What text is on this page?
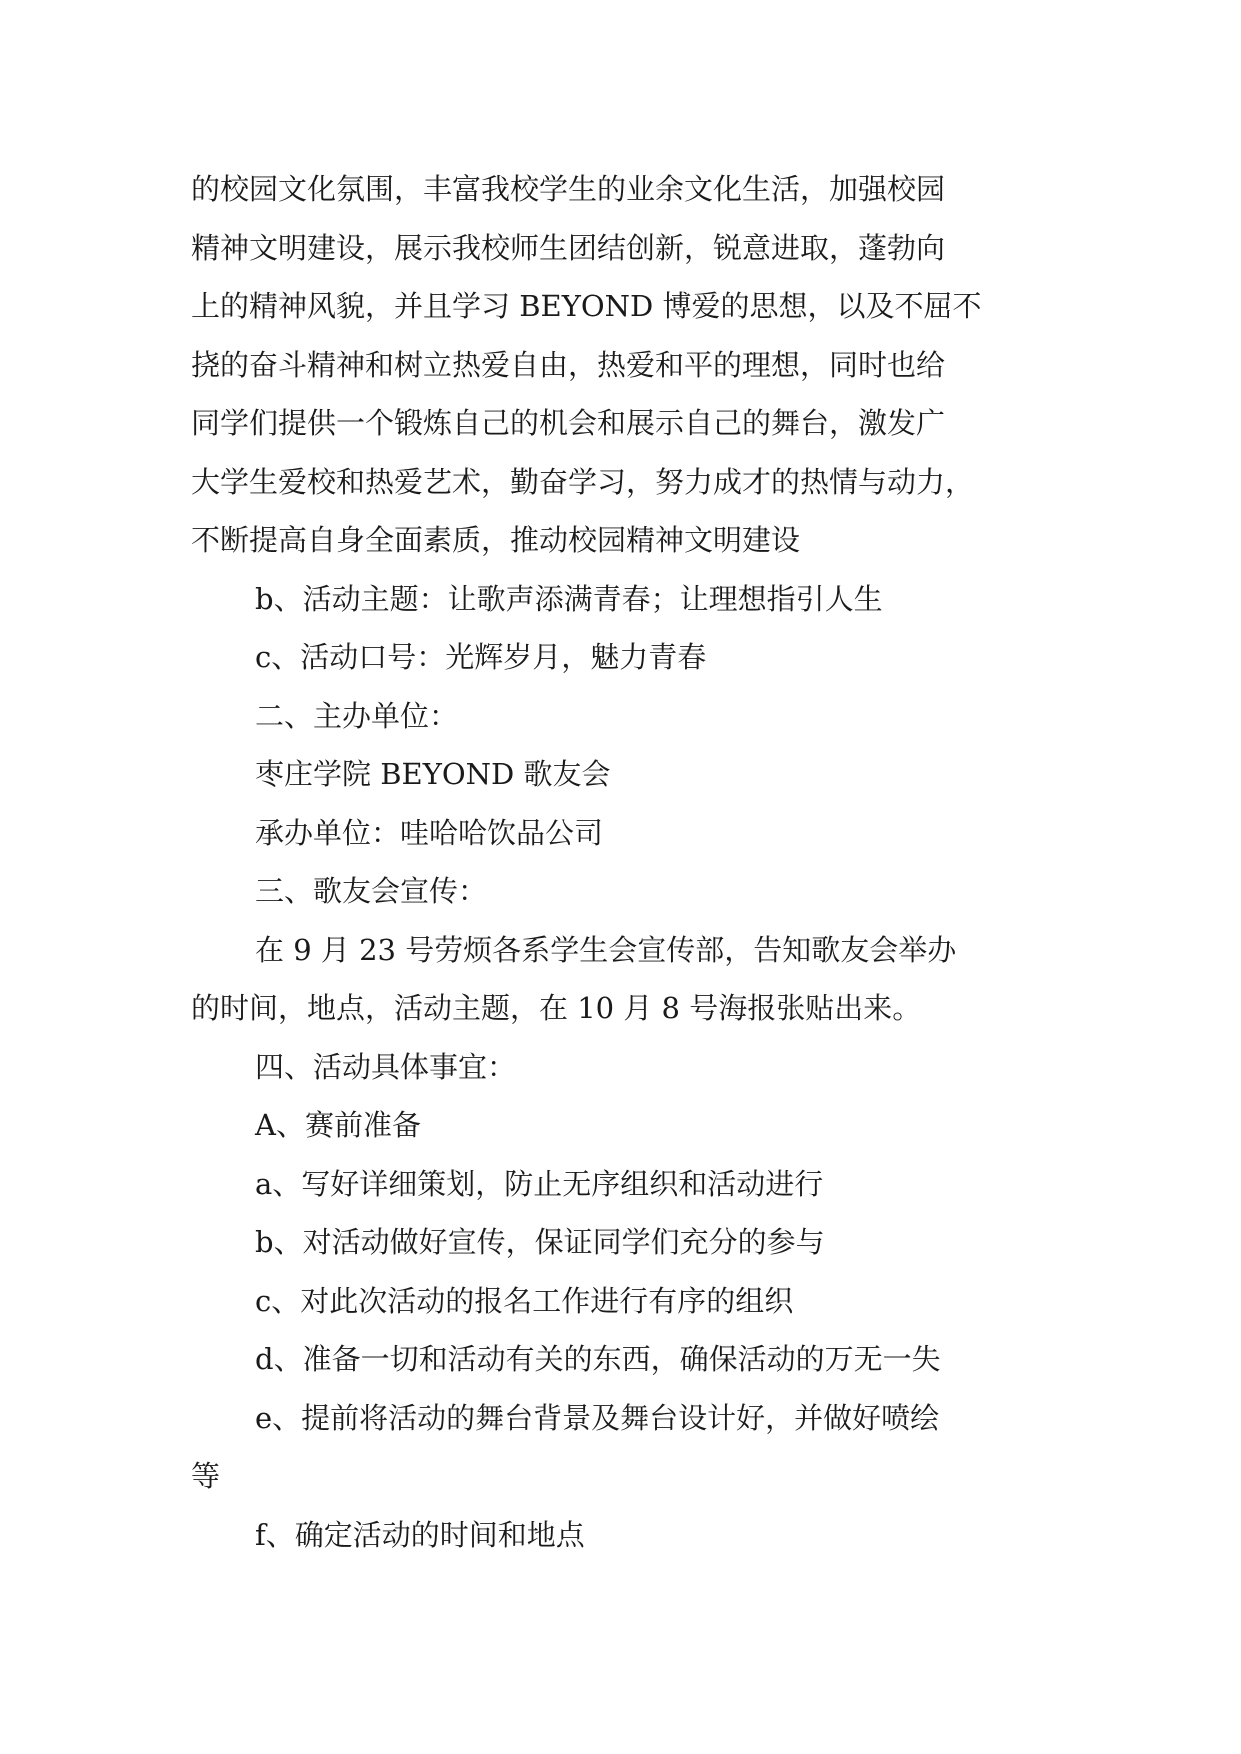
的校园文化氛围，丰富我校学生的业余文化生活，加强校园
精神文明建设，展示我校师生团结创新，锐意进取，蓬勃向
上的精神风貌，并且学习 BEYOND 博爱的思想，以及不屈不
挠的奋斗精神和树立热爱自由，热爱和平的理想，同时也给
同学们提供一个锻炼自己的机会和展示自己的舞台，激发广
大学生爱校和热爱艺术，勤奋学习，努力成才的热情与动力，
不断提高自身全面素质，推动校园精神文明建设

b、活动主题：让歌声添满青春；让理想指引人生

c、活动口号：光辉岁月，魅力青春

二、主办单位：

枣庄学院 BEYOND 歌友会

承办单位：哇哈哈饮品公司

三、歌友会宣传：

在 9 月 23 号劳烦各系学生会宣传部，告知歌友会举办
的时间，地点，活动主题，在 10 月 8 号海报张贴出来。

四、活动具体事宜：

A、赛前准备

a、写好详细策划，防止无序组织和活动进行

b、对活动做好宣传，保证同学们充分的参与

c、对此次活动的报名工作进行有序的组织

d、准备一切和活动有关的东西，确保活动的万无一失

e、提前将活动的舞台背景及舞台设计好，并做好喷绘
等

f、确定活动的时间和地点
